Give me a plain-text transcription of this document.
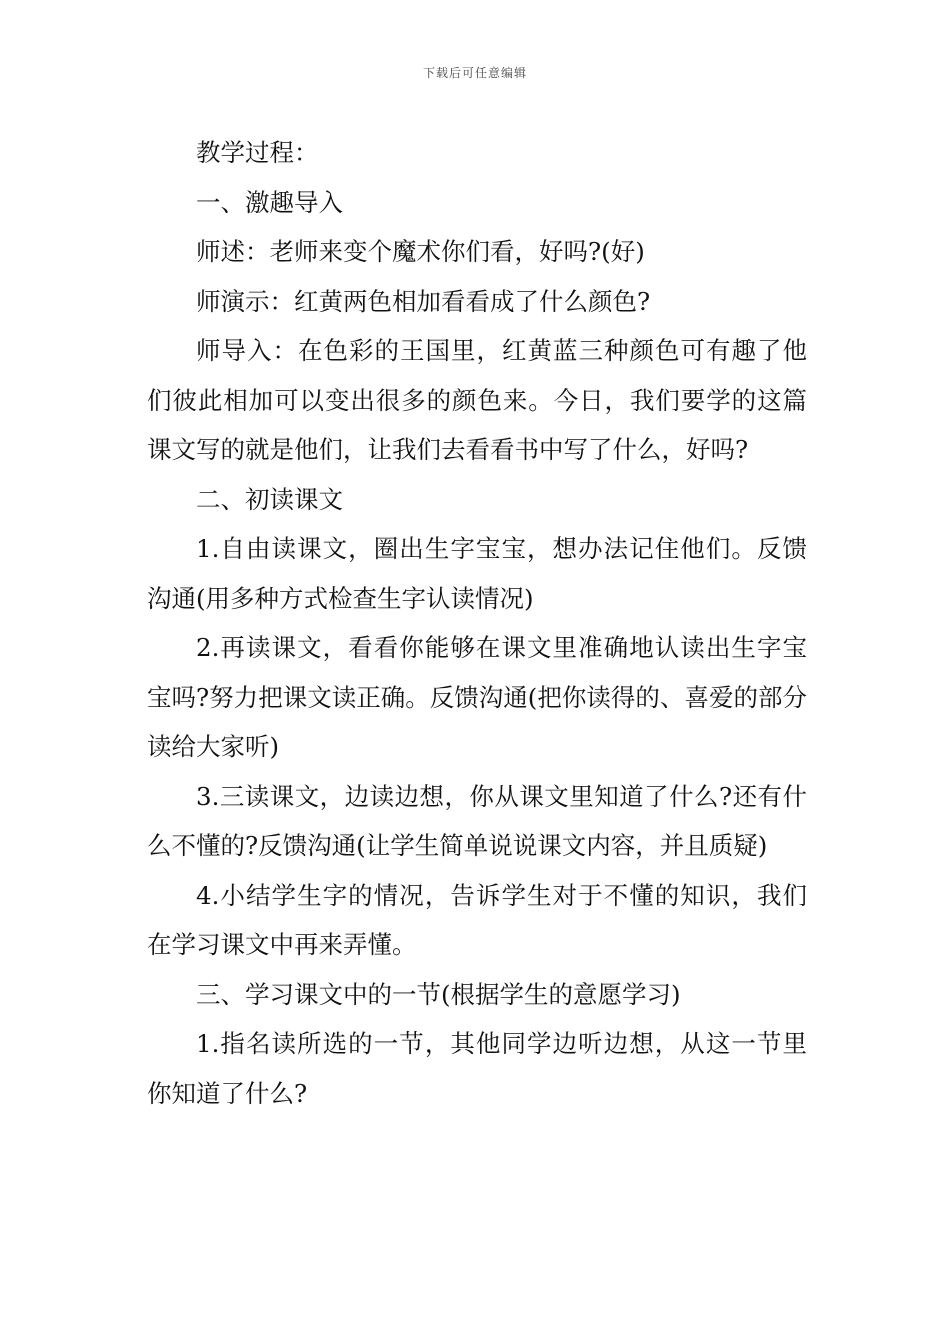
下载后可任意编辑

教学过程：

一、激趣导入

师述：老师来变个魔术你们看，好吗?(好)

师演示：红黄两色相加看看成了什么颜色?

师导入：在色彩的王国里，红黄蓝三种颜色可有趣了他们彼此相加可以变出很多的颜色来。今日，我们要学的这篇课文写的就是他们，让我们去看看书中写了什么，好吗?

二、初读课文

1.自由读课文，圈出生字宝宝，想办法记住他们。反馈沟通(用多种方式检查生字认读情况)

2.再读课文，看看你能够在课文里准确地认读出生字宝宝吗?努力把课文读正确。反馈沟通(把你读得的、喜爱的部分读给大家听)

3.三读课文，边读边想，你从课文里知道了什么?还有什么不懂的?反馈沟通(让学生简单说说课文内容，并且质疑)

4.小结学生字的情况，告诉学生对于不懂的知识，我们在学习课文中再来弄懂。

三、学习课文中的一节(根据学生的意愿学习)

1.指名读所选的一节，其他同学边听边想，从这一节里你知道了什么?
